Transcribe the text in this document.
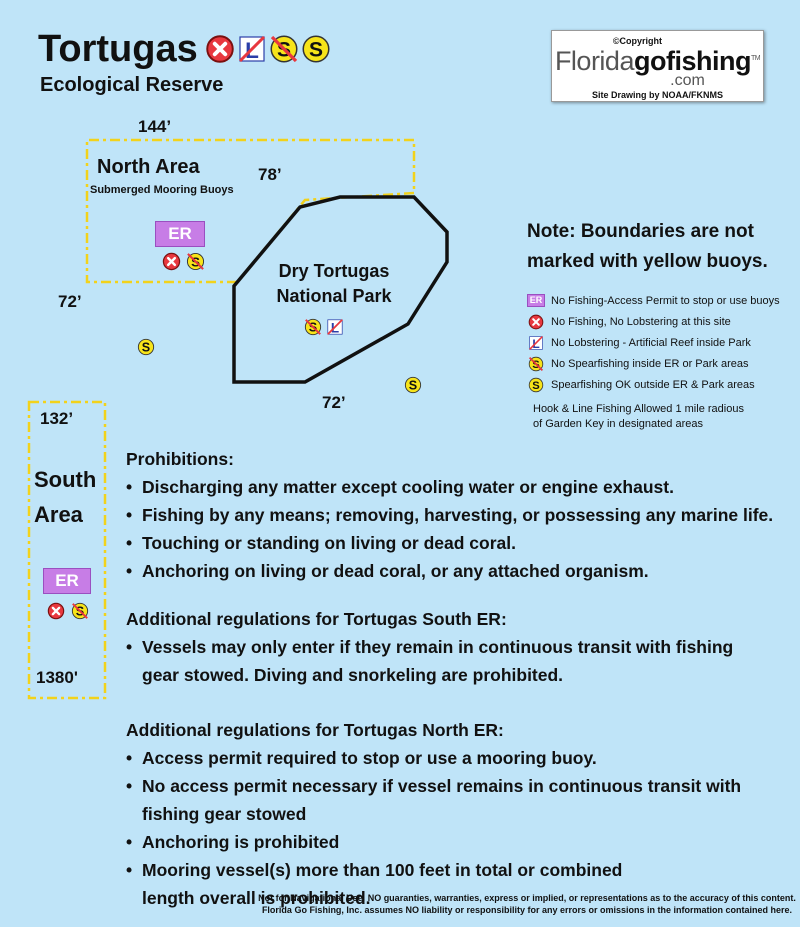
Tortugas
Ecological Reserve
©Copyright
Floridagofishing™
.com
Site Drawing by NOAA/FKNMS
144’
North Area
Submerged Mooring Buoys
78’
ER
72’
Dry Tortugas
National Park
72’
132’
South
Area
ER
1380'
Note: Boundaries are not
marked with yellow buoys.
ER No Fishing-Access Permit to stop or use buoys
No Fishing, No Lobstering at this site
No Lobstering - Artificial Reef inside Park
No Spearfishing inside ER or Park areas
Spearfishing OK outside ER & Park areas
Hook & Line Fishing Allowed 1 mile radious
of Garden Key in designated areas
Prohibitions:
• Discharging any matter except cooling water or engine exhaust.
• Fishing by any means; removing, harvesting, or possessing any marine life.
• Touching or standing on living or dead coral.
• Anchoring on living or dead coral, or any attached organism.
Additional regulations for Tortugas South ER:
• Vessels may only enter if they remain in continuous transit with fishing gear stowed. Diving and snorkeling are prohibited.
Additional regulations for Tortugas North ER:
• Access permit required to stop or use a mooring buoy.
• No access permit necessary if vessel remains in continuous transit with fishing gear stowed
• Anchoring is prohibited
• Mooring vessel(s) more than 100 feet in total or combined length overall is prohibited.
Not for Navigational Use. NO guaranties, warranties, express or implied, or representations as to the accuracy of this content.
Florida Go Fishing, Inc. assumes NO liability or responsibility for any errors or omissions in the information contained here.
